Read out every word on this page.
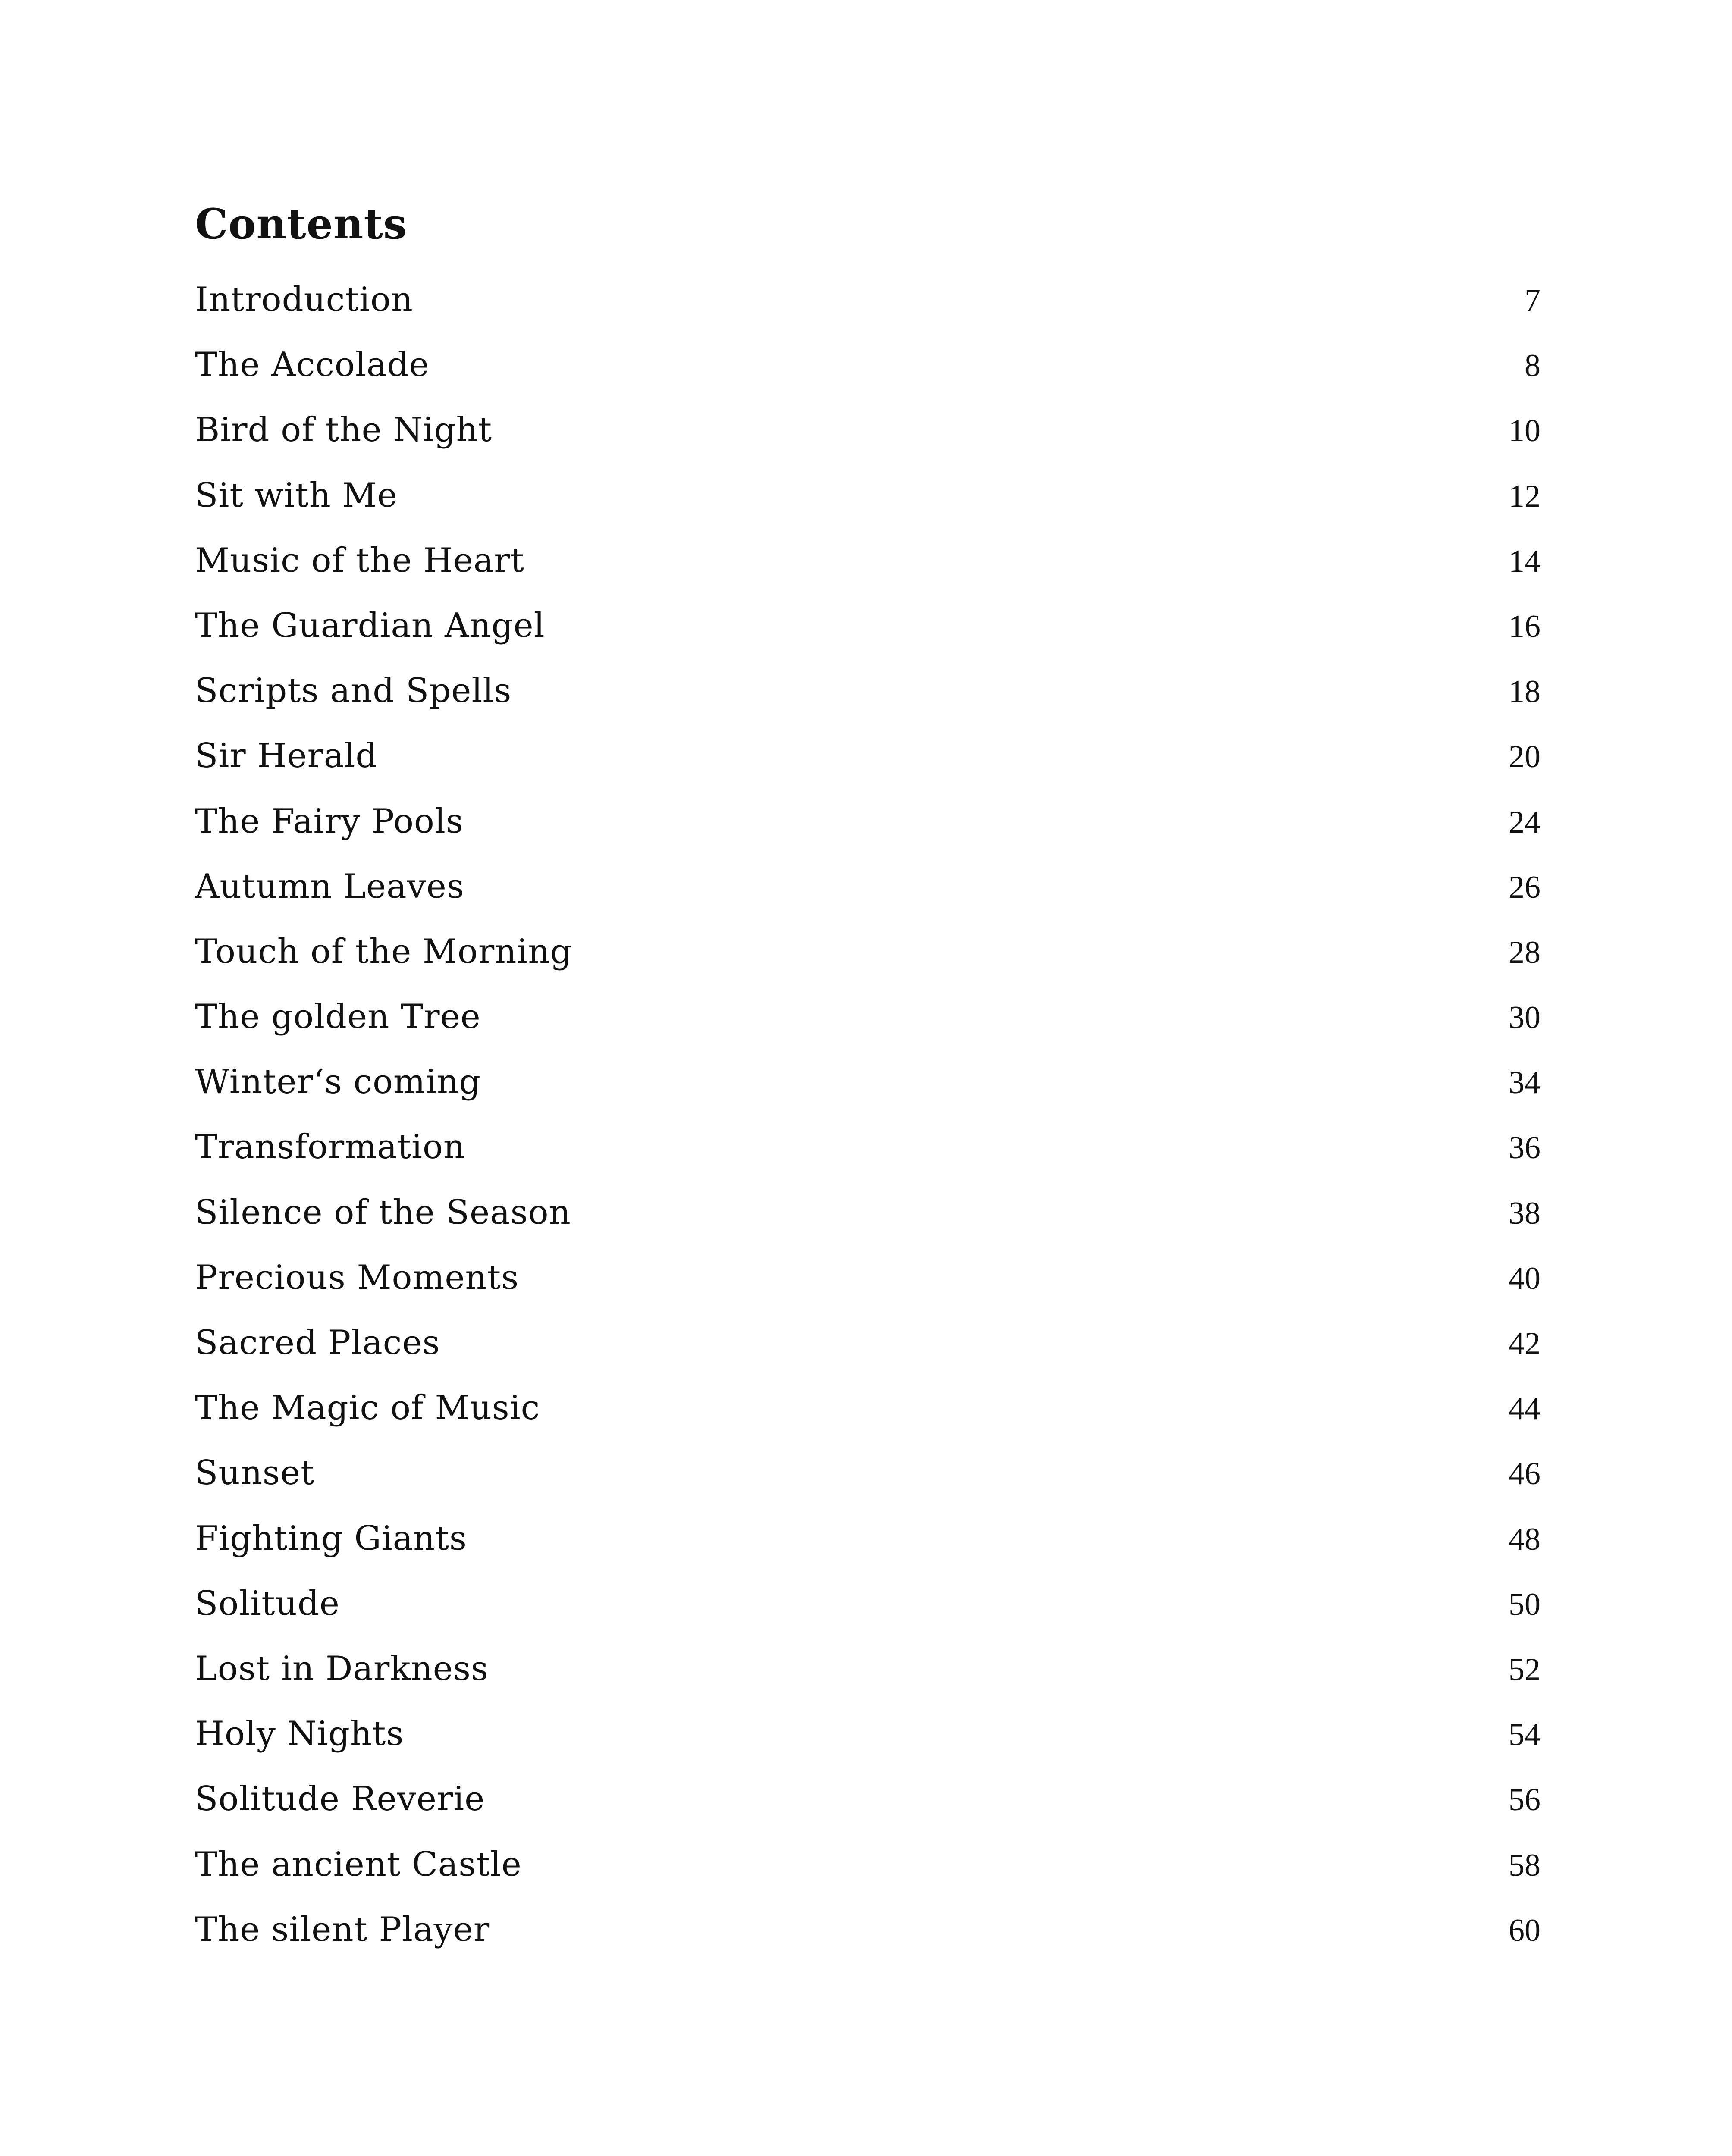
Contents
Introduction	7
The Accolade	8
Bird of the Night	10
Sit with Me	12
Music of the Heart	14
The Guardian Angel	16
Scripts and Spells	18
Sir Herald	20
The Fairy Pools	24
Autumn Leaves	26
Touch of the Morning	28
The golden Tree	30
Winter‘s coming	34
Transformation	36
Silence of the Season	38
Precious Moments	40
Sacred Places	42
The Magic of Music	44
Sunset	46
Fighting Giants	48
Solitude	50
Lost in Darkness	52
Holy Nights	54
Solitude Reverie	56
The ancient Castle	58
The silent Player	60
